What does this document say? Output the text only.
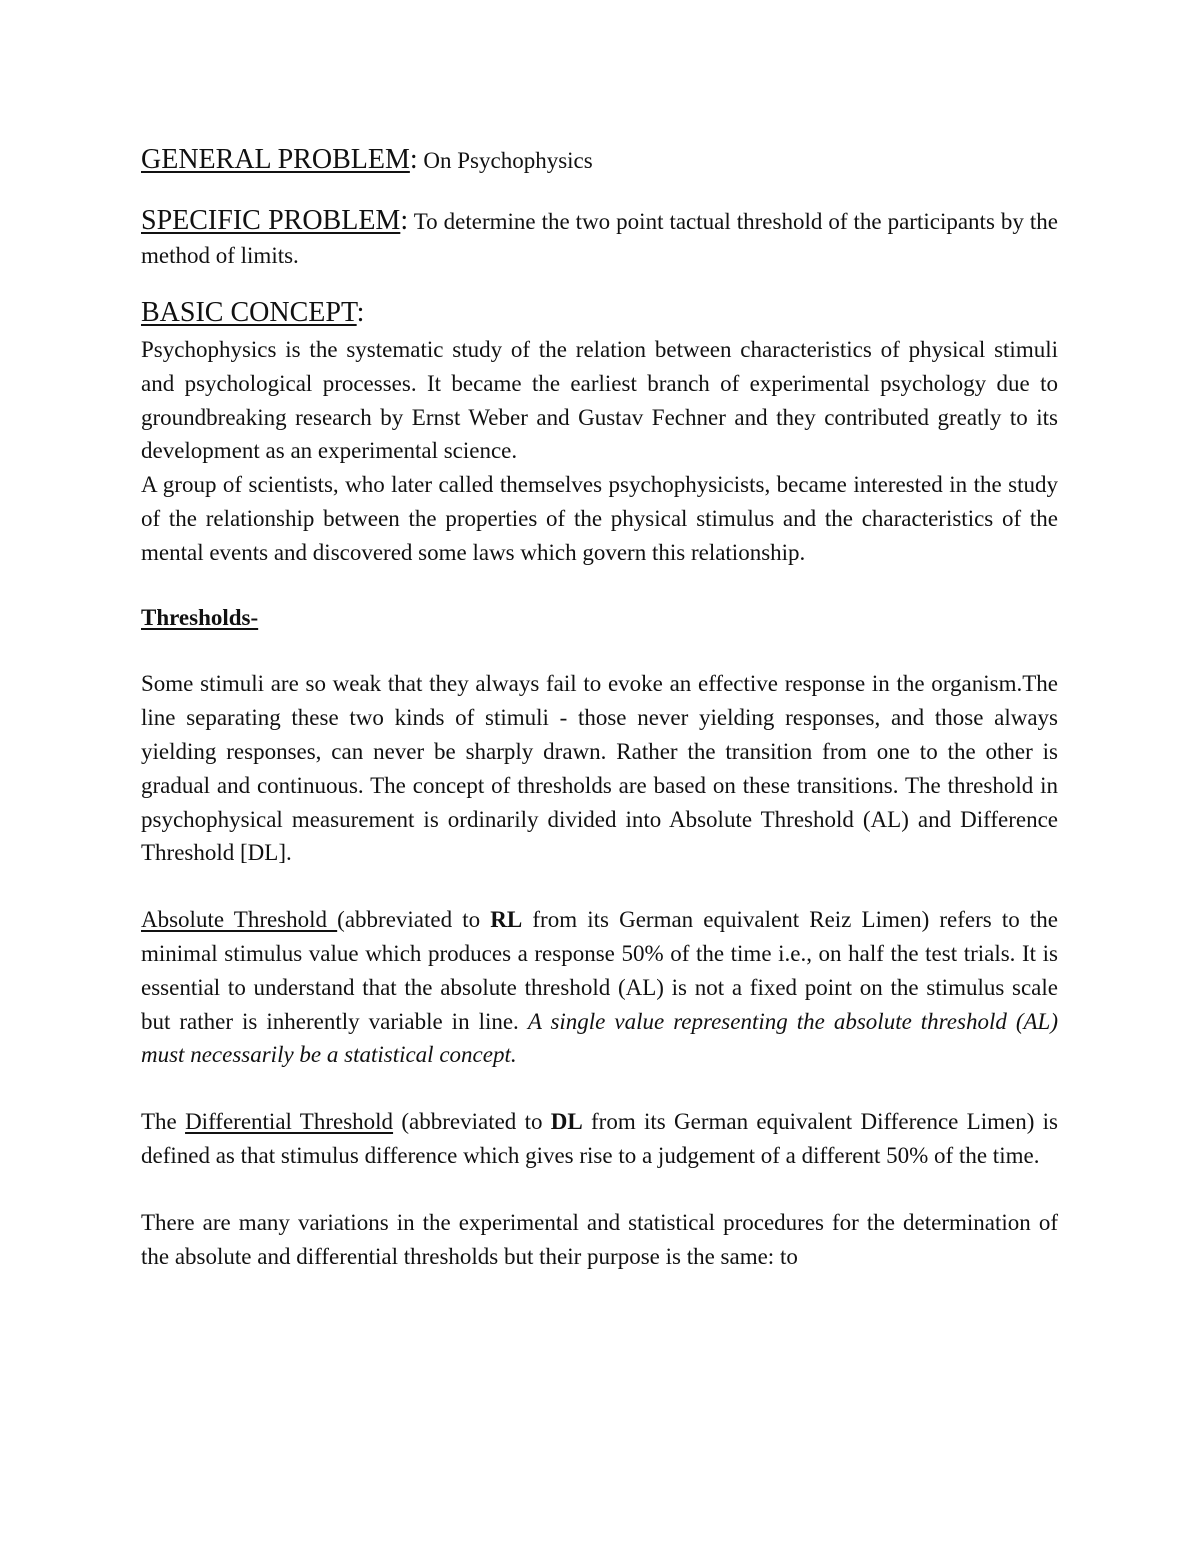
GENERAL PROBLEM: On Psychophysics

SPECIFIC PROBLEM: To determine the two point tactual threshold of the participants by the method of limits.

BASIC CONCEPT:

Psychophysics is the systematic study of the relation between characteristics of physical stimuli and psychological processes. It became the earliest branch of experimental psychology due to groundbreaking research by Ernst Weber and Gustav Fechner and they contributed greatly to its development as an experimental science.

A group of scientists, who later called themselves psychophysicists, became interested in the study of the relationship between the properties of the physical stimulus and the characteristics of the mental events and discovered some laws which govern this relationship.

Thresholds-

Some stimuli are so weak that they always fail to evoke an effective response in the organism.The line separating these two kinds of stimuli - those never yielding responses, and those always yielding responses, can never be sharply drawn. Rather the transition from one to the other is gradual and continuous. The concept of thresholds are based on these transitions. The threshold in psychophysical measurement is ordinarily divided into Absolute Threshold (AL) and Difference Threshold [DL].

Absolute Threshold (abbreviated to RL from its German equivalent Reiz Limen) refers to the minimal stimulus value which produces a response 50% of the time i.e., on half the test trials. It is essential to understand that the absolute threshold (AL) is not a fixed point on the stimulus scale but rather is inherently variable in line. A single value representing the absolute threshold (AL) must necessarily be a statistical concept.

The Differential Threshold (abbreviated to DL from its German equivalent Difference Limen) is defined as that stimulus difference which gives rise to a judgement of a different 50% of the time.

There are many variations in the experimental and statistical procedures for the determination of the absolute and differential thresholds but their purpose is the same: to
